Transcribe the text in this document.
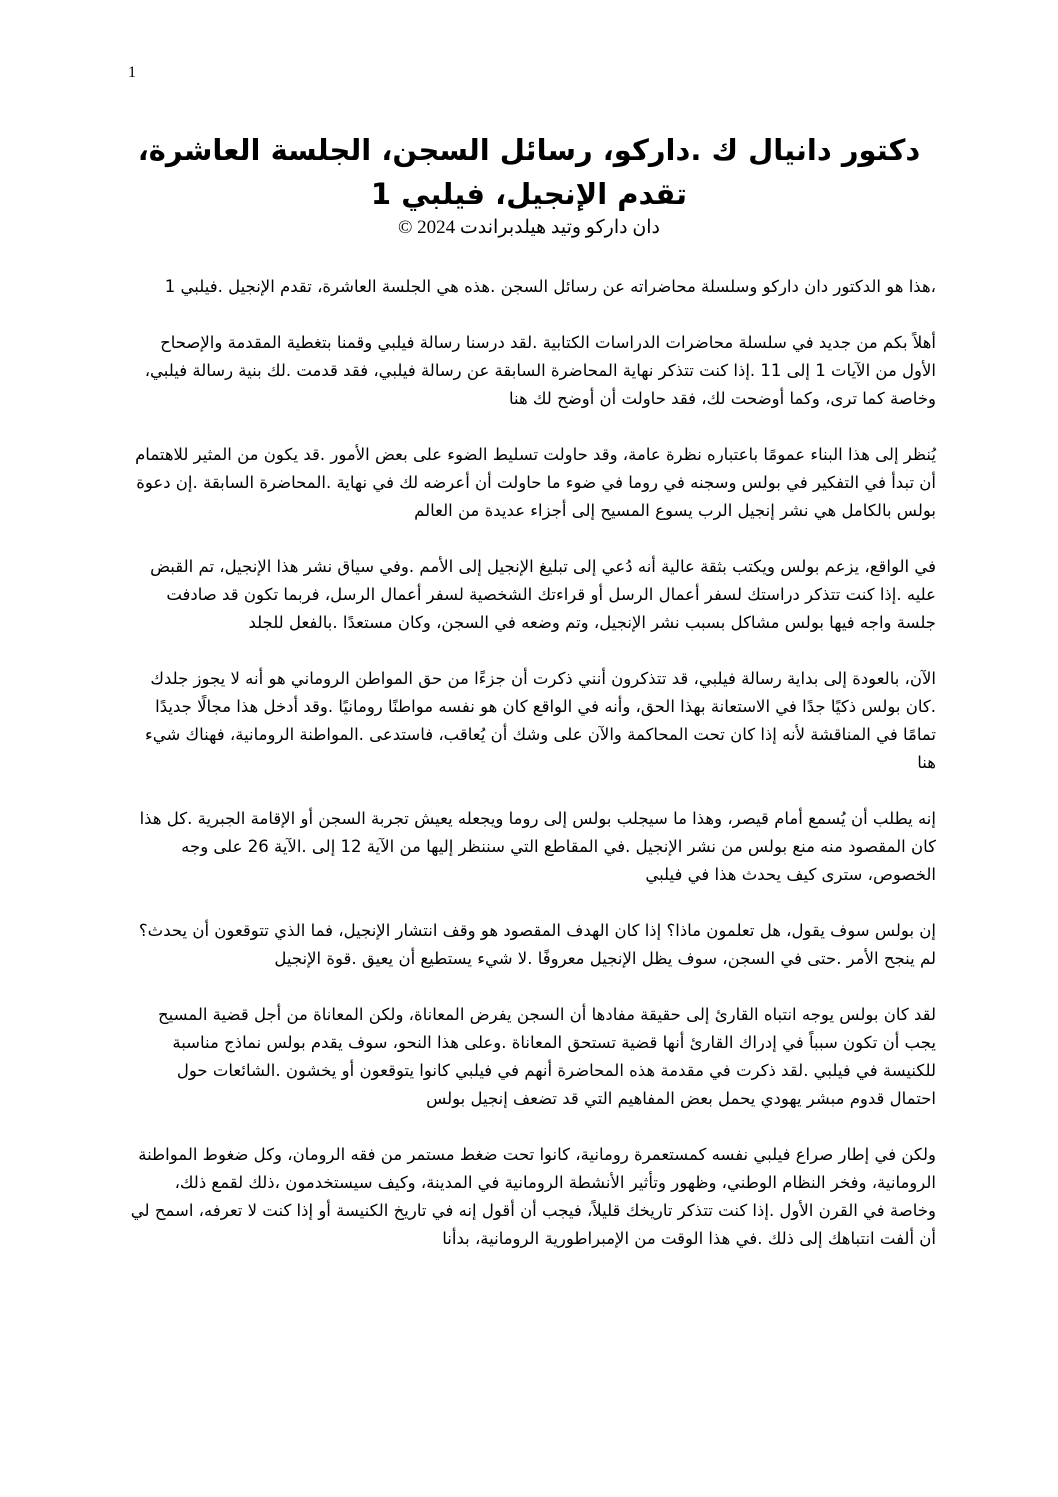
1
دكتور دانيال ك .داركو، رسائل السجن، الجلسة العاشرة، تقدم الإنجيل، فيلبي 1
دان داركو وتيد هيلدبراندت 2024 ©

،هذا هو الدكتور دان داركو وسلسلة محاضراته عن رسائل السجن .هذه هي الجلسة العاشرة، تقدم الإنجيل .فيلبي 1

أهلاً بكم من جديد في سلسلة محاضرات الدراسات الكتابية .لقد درسنا رسالة فيلبي وقمنا بتغطية المقدمة والإصحاح الأول من الآيات 1 إلى 11 .إذا كنت تتذكر نهاية المحاضرة السابقة عن رسالة فيلبي، فقد قدمت .لك بنية رسالة فيلبي، وخاصة كما ترى، وكما أوضحت لك، فقد حاولت أن أوضح لك هنا

يُنظر إلى هذا البناء عمومًا باعتباره نظرة عامة، وقد حاولت تسليط الضوء على بعض الأمور .قد يكون من المثير للاهتمام أن تبدأ في التفكير في بولس وسجنه في روما في ضوء ما حاولت أن أعرضه لك في نهاية .المحاضرة السابقة .إن دعوة بولس بالكامل هي نشر إنجيل الرب يسوع المسيح إلى أجزاء عديدة من العالم

في الواقع، يزعم بولس ويكتب بثقة عالية أنه دُعي إلى تبليغ الإنجيل إلى الأمم .وفي سياق نشر هذا الإنجيل، تم القبض عليه .إذا كنت تتذكر دراستك لسفر أعمال الرسل أو قراءتك الشخصية لسفر أعمال الرسل، فربما تكون قد صادفت جلسة واجه فيها بولس مشاكل بسبب نشر الإنجيل، وتم وضعه في السجن، وكان مستعدًا .بالفعل للجلد

الآن، بالعودة إلى بداية رسالة فيلبي، قد تتذكرون أنني ذكرت أن جزءًا من حق المواطن الروماني هو أنه لا يجوز جلدك .كان بولس ذكيًا جدًا في الاستعانة بهذا الحق، وأنه في الواقع كان هو نفسه مواطنًا رومانيًا .وقد أدخل هذا مجالًا جديدًا تمامًا في المناقشة لأنه إذا كان تحت المحاكمة والآن على وشك أن يُعاقب، فاستدعى .المواطنة الرومانية، فهناك شيء هنا

إنه يطلب أن يُسمع أمام قيصر، وهذا ما سيجلب بولس إلى روما ويجعله يعيش تجربة السجن أو الإقامة الجبرية .كل هذا كان المقصود منه منع بولس من نشر الإنجيل .في المقاطع التي سننظر إليها من الآية 12 إلى .الآية 26 على وجه الخصوص، سترى كيف يحدث هذا في فيلبي

إن بولس سوف يقول، هل تعلمون ماذا؟ إذا كان الهدف المقصود هو وقف انتشار الإنجيل، فما الذي تتوقعون أن يحدث؟ لم ينجح الأمر .حتى في السجن، سوف يظل الإنجيل معروفًا .لا شيء يستطيع أن يعيق .قوة الإنجيل

لقد كان بولس يوجه انتباه القارئ إلى حقيقة مفادها أن السجن يفرض المعاناة، ولكن المعاناة من أجل قضية المسيح يجب أن تكون سبباً في إدراك القارئ أنها قضية تستحق المعاناة .وعلى هذا النحو، سوف يقدم بولس نماذج مناسبة للكنيسة في فيلبي .لقد ذكرت في مقدمة هذه المحاضرة أنهم في فيلبي كانوا يتوقعون أو يخشون .الشائعات حول احتمال قدوم مبشر يهودي يحمل بعض المفاهيم التي قد تضعف إنجيل بولس

ولكن في إطار صراع فيلبي نفسه كمستعمرة رومانية، كانوا تحت ضغط مستمر من فقه الرومان، وكل ضغوط المواطنة الرومانية، وفخر النظام الوطني، وظهور وتأثير الأنشطة الرومانية في المدينة، وكيف سيستخدمون ،ذلك لقمع ذلك، وخاصة في القرن الأول .إذا كنت تتذكر تاريخك قليلاً، فيجب أن أقول إنه في تاريخ الكنيسة أو إذا كنت لا تعرفه، اسمح لي أن ألفت انتباهك إلى ذلك .في هذا الوقت من الإمبراطورية الرومانية، بدأنا
